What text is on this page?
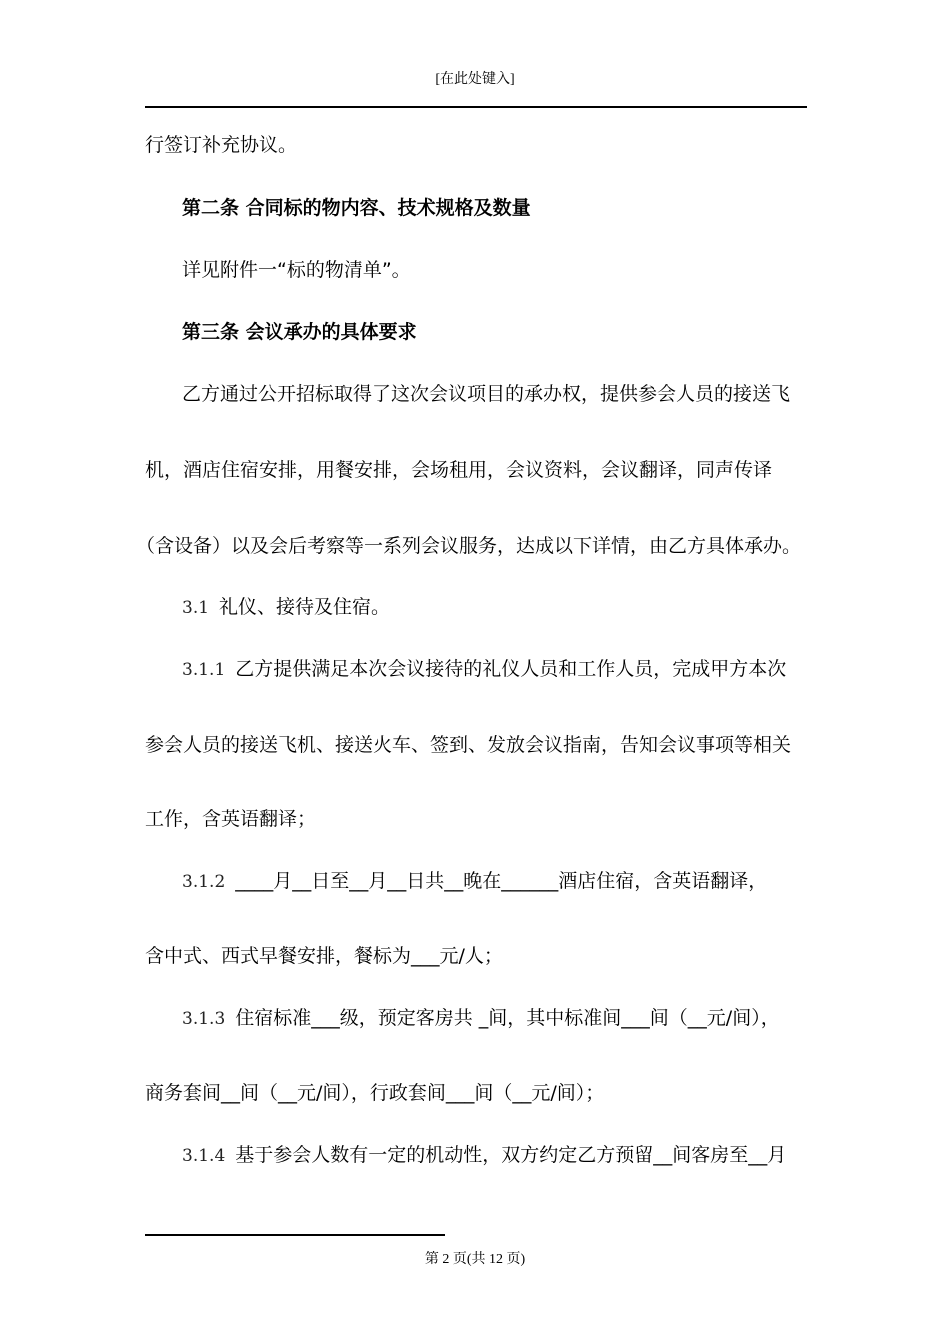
[在此处键入]
行签订补充协议。
第二条 合同标的物内容、技术规格及数量
详见附件一“标的物清单”。
第三条 会议承办的具体要求
乙方通过公开招标取得了这次会议项目的承办权，提供参会人员的接送飞
机，酒店住宿安排，用餐安排，会场租用，会议资料，会议翻译，同声传译
（含设备）以及会后考察等一系列会议服务，达成以下详情，由乙方具体承办。
3.1 礼仪、接待及住宿。
3.1.1 乙方提供满足本次会议接待的礼仪人员和工作人员，完成甲方本次
参会人员的接送飞机、接送火车、签到、发放会议指南，告知会议事项等相关
工作，含英语翻译；
3.1.2 ____月__日至__月__日共__晚在______酒店住宿，含英语翻译，
含中式、西式早餐安排，餐标为___元/人；
3.1.3 住宿标准___级，预定客房共 _间，其中标准间___间（__元/间），
商务套间__间（__元/间），行政套间___间（__元/间）；
3.1.4 基于参会人数有一定的机动性，双方约定乙方预留__间客房至__月
第 2 页(共 12 页)
